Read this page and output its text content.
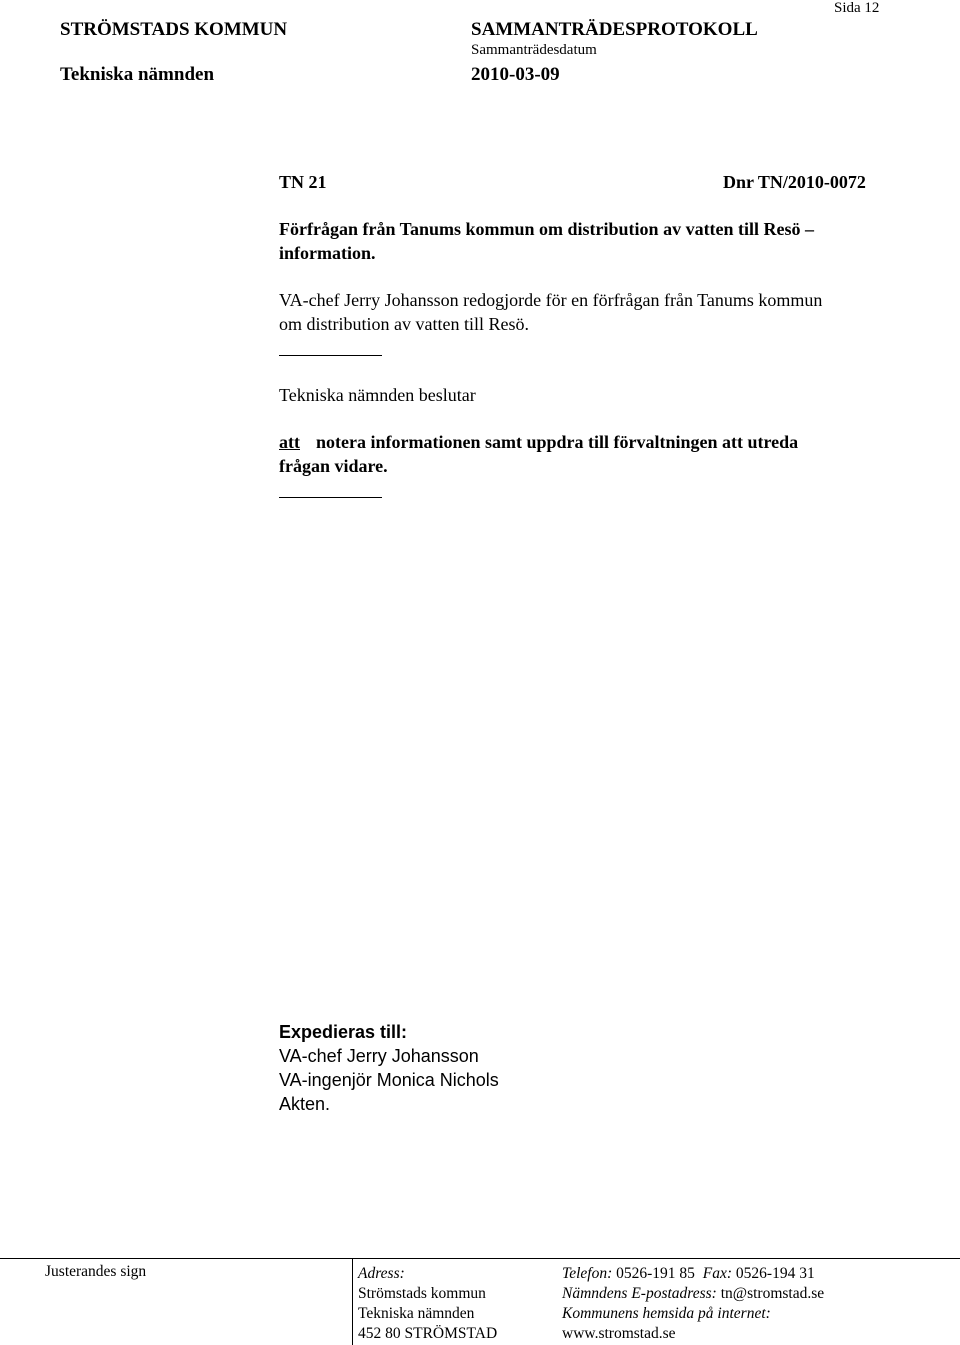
STRÖMSTADS KOMMUN	SAMMANTRÄDESPROTOKOLL
Sida 12
Sammanträdesdatum
Tekniska nämnden	2010-03-09
TN 21	Dnr TN/2010-0072
Förfrågan från Tanums kommun om distribution av vatten till Resö –
information.
VA-chef Jerry Johansson redogjorde för en förfrågan från Tanums kommun
om distribution av vatten till Resö.
Tekniska nämnden beslutar
att notera informationen samt uppdra till förvaltningen att utreda
frågan vidare.
Expedieras till:
VA-chef Jerry Johansson
VA-ingenjör Monica Nichols
Akten.
Justerandes sign	Adress:
Strömstads kommun
Tekniska nämnden
452 80 STRÖMSTAD
Telefon: 0526-191 85 Fax: 0526-194 31
Nämndens E-postadress: tn@stromstad.se
Kommunens hemsida på internet:
www.stromstad.se
